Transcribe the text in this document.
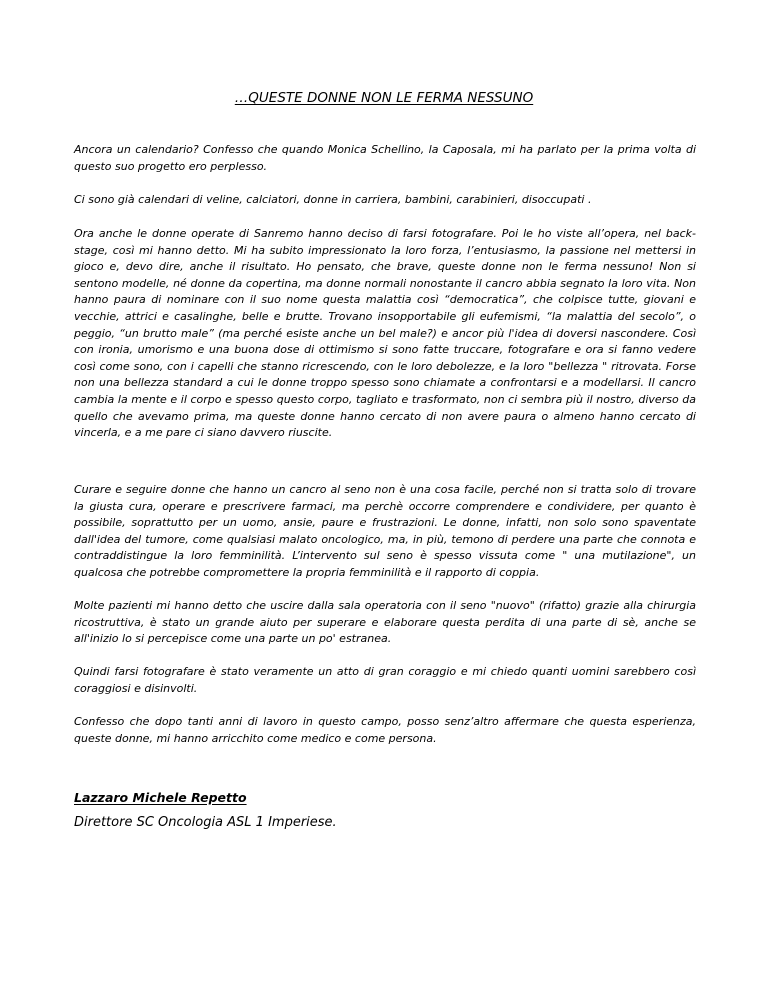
…QUESTE DONNE NON LE FERMA NESSUNO

Ancora un calendario? Confesso che quando Monica Schellino, la Caposala, mi ha parlato per la prima volta di questo suo progetto ero perplesso.

Ci sono già calendari di veline, calciatori, donne in carriera, bambini, carabinieri, disoccupati .

Ora anche le donne operate di Sanremo hanno deciso di farsi fotografare. Poi le ho viste all’opera, nel back-stage, così mi hanno detto. Mi ha subito impressionato la loro forza, l’entusiasmo, la passione nel mettersi in gioco e, devo dire, anche il risultato. Ho pensato, che brave, queste donne non le ferma nessuno! Non si sentono modelle, né donne da copertina, ma donne normali nonostante il cancro abbia segnato la loro vita. Non hanno paura di nominare con il suo nome questa malattia così “democratica”, che colpisce tutte, giovani e vecchie, attrici e casalinghe, belle e brutte. Trovano insopportabile gli eufemismi, “la malattia del secolo”, o peggio, “un brutto male” (ma perché esiste anche un bel male?) e ancor più l'idea di doversi nascondere. Così con ironia, umorismo e una buona dose di ottimismo si sono fatte truccare, fotografare e ora si fanno vedere così come sono, con i capelli che stanno ricrescendo, con le loro debolezze, e la loro "bellezza " ritrovata. Forse non una bellezza standard a cui le donne troppo spesso sono chiamate a confrontarsi e a modellarsi. Il cancro cambia la mente e il corpo e spesso questo corpo, tagliato e trasformato, non ci sembra più il nostro, diverso da quello che avevamo prima, ma queste donne hanno cercato di non avere paura o almeno hanno cercato di vincerla, e a me pare ci siano davvero riuscite.

Curare e seguire donne che hanno un cancro al seno non è una cosa facile, perché non si tratta solo di trovare la giusta cura, operare e prescrivere farmaci, ma perchè occorre comprendere e condividere, per quanto è possibile, soprattutto per un uomo, ansie, paure e frustrazioni. Le donne, infatti, non solo sono spaventate dall'idea del tumore, come qualsiasi malato oncologico, ma, in più, temono di perdere una parte che connota e contraddistingue la loro femminilità. L’intervento sul seno è spesso vissuta come " una mutilazione", un qualcosa che potrebbe compromettere la propria femminilità e il rapporto di coppia.

Molte pazienti mi hanno detto che uscire dalla sala operatoria con il seno "nuovo" (rifatto) grazie alla chirurgia ricostruttiva, è stato un grande aiuto per superare e elaborare questa perdita di una parte di sè, anche se all'inizio lo si percepisce come una parte un po' estranea.

Quindi farsi fotografare è stato veramente un atto di gran coraggio e mi chiedo quanti uomini sarebbero così coraggiosi e disinvolti.

Confesso che dopo tanti anni di lavoro in questo campo, posso senz’altro affermare che questa esperienza, queste donne, mi hanno arricchito come medico e come persona.

Lazzaro Michele Repetto
Direttore SC Oncologia ASL 1 Imperiese.
